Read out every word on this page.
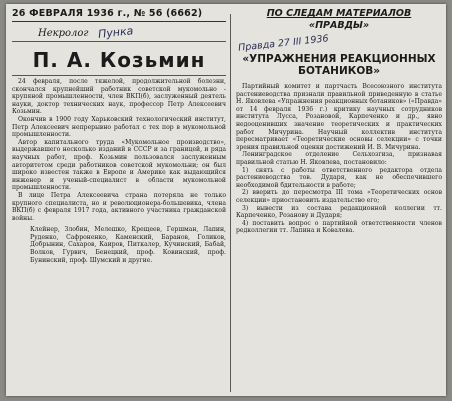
26 ФЕВРАЛЯ 1936 г., № 56 (6662)
Некролог Пунка
П. А. Козьмин

24 февраля, после тяжелой, продолжительной болезни, скончался крупнейший работник советской мукомольно - крупяной промышленности, член ВКП(б), заслуженный деятель науки, доктор технических наук, профессор Петр Алексеевич Козьмин.

Окончив в 1900 году Харьковский технологический институт, Петр Алексеевич непрерывно работал с тех пор в мукомольной промышленности.

Автор капитального труда «Мукомольное производство», выдержавшего несколько изданий в СССР и за границей, и ряда научных работ, проф. Козьмин пользовался заслуженным авторитетом среди работников советской мукомольни; он был широко известен также в Европе и Америке как выдающийся инженер и ученый-специалист в области мукомольной промышленности.

В лице Петра Алексеевича страна потеряла не только крупного специалиста, но и революционера-большевика, члена ВКП(б) с февраля 1917 года, активного участника гражданской войны.

Клейнер, Злобин, Мелешко, Крещеев, Гершман, Лапин, Руденко, Сафроненко, Каменский, Баранов, Голиков, Добрынин, Сахаров, Каиров, Питкалер, Кучинский, Бабай, Волков, Гурвич, Бенецкий, проф. Ковинский, проф. Бунинский, проф. Шумский и другие.

ПО СЛЕДАМ МАТЕРИАЛОВ
«ПРАВДЫ»
Правда 27 III 1936
«УПРАЖНЕНИЯ РЕАКЦИОННЫХ БОТАНИКОВ»

Партийный комитет и партчасть Всесоюзного института растениеводства признали правильной приведенную в статье Н. Яковлева «Упражнения реакционных ботаников» («Правда» от 14 февраля 1936 г.) критику научных сотрудников института Лусса, Розановой, Карпеченко и др., явно недооценивших значение теоретических и практических работ Мичурина. Научный коллектив института пересматривает «Теоретические основы селекции» с точки зрения правильной оценки достижений И. В. Мичурина.

Ленинградское отделение Сельхозгиза, признавая правильной статью Н. Яковлева, постановило:

1) снять с работы ответственного редактора отдела растениеводства тов. Дударя, как не обеспечившего необходимой бдительности в работе;

2) вверить до пересмотра III тома «Теоретических основ селекции» приостановить издательство его;

3) вывести из состава редакционной коллегии тт. Карпеченко, Розанову и Дударя;

4) поставить вопрос о партийной ответственности членов редколлегии тт. Лапина и Ковалева.
